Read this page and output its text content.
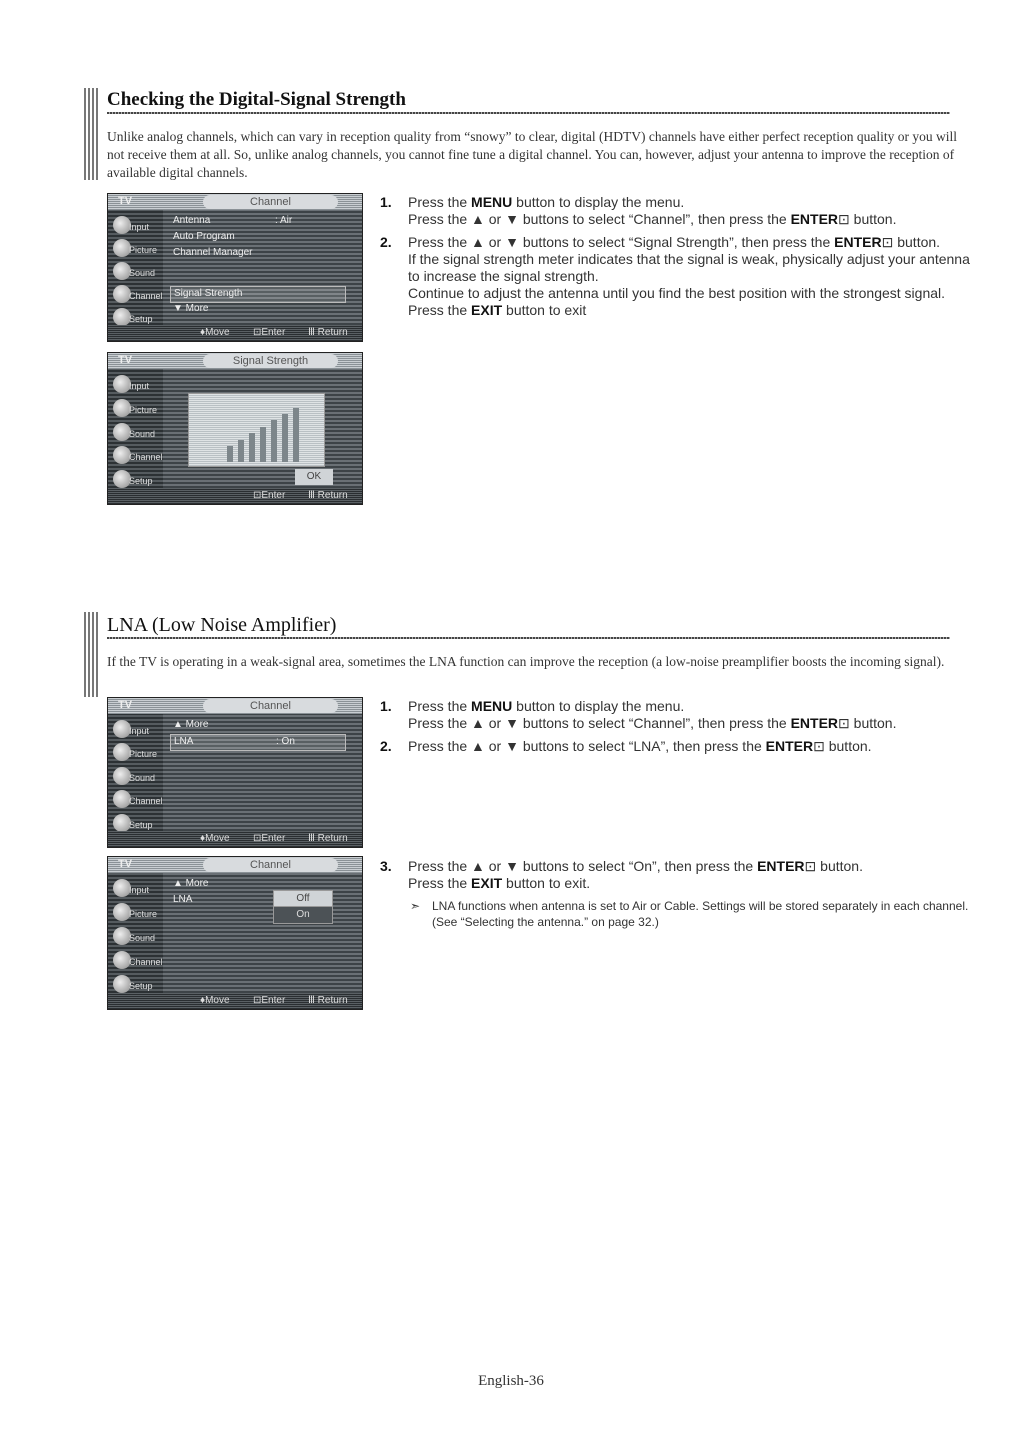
Checking the Digital-Signal Strength
Unlike analog channels, which can vary in reception quality from “snowy” to clear, digital (HDTV) channels have either perfect reception quality or you will not receive them at all. So, unlike analog channels, you cannot fine tune a digital channel. You can, however, adjust your antenna to improve the reception of available digital channels.
TV	Channel
Input
Picture
Sound
Channel
Setup
Antenna	: Air
Auto Program
Channel Manager
Signal Strength
▼ More
♦Move ⊡Enter Ⅲ Return
TV	Signal Strength
Input
Picture
Sound
Channel
Setup	OK
⊡Enter Ⅲ Return
1. Press the MENU button to display the menu.

Press the ▲ or ▼ buttons to select “Channel”, then press the ENTER⊡ button.

2. Press the ▲ or ▼ buttons to select “Signal Strength”, then press the ENTER⊡ button.

If the signal strength meter indicates that the signal is weak, physically adjust your antenna to increase the signal strength.

Continue to adjust the antenna until you find the best position with the strongest signal.

Press the EXIT button to exit

LNA (Low Noise Amplifier)
If the TV is operating in a weak-signal area, sometimes the LNA function can improve the reception (a low-noise preamplifier boosts the incoming signal).
TV	Channel
Input
Picture
Sound
Channel
Setup
▲ More
LNA	: On
♦Move ⊡Enter Ⅲ Return
TV	Channel
Input
Picture
Sound
Channel
Setup
▲ More
LNA	Off
On
♦Move ⊡Enter Ⅲ Return
1. Press the MENU button to display the menu.

Press the ▲ or ▼ buttons to select “Channel”, then press the ENTER⊡ button.

2. Press the ▲ or ▼ buttons to select “LNA”, then press the ENTER⊡ button.

3. Press the ▲ or ▼ buttons to select “On”, then press the ENTER⊡ button.

Press the EXIT button to exit.

➣ LNA functions when antenna is set to Air or Cable. Settings will be stored separately in each channel. (See “Selecting the antenna.” on page 32.)
English-36
